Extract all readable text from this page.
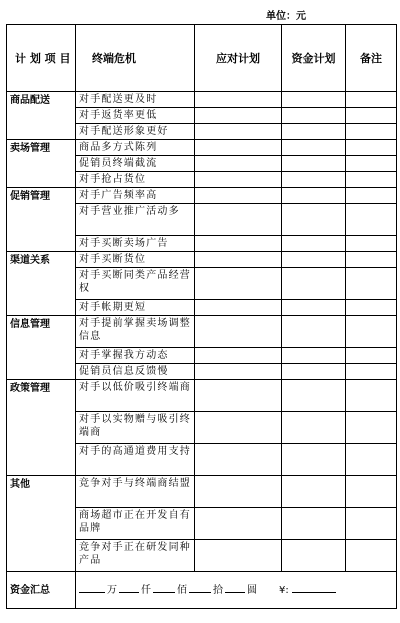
单位：元
计 划 项 目	终端危机	应对计划	资金计划	备注
商品配送	对手配送更及时			
	对手返货率更低			
	对手配送形象更好			
卖场管理	商品多方式陈列			
	促销员终端截流			
	对手抢占货位			
促销管理	对手广告频率高			
	对手营业推广活动多			
	对手买断卖场广告			
渠道关系	对手买断货位			
	对手买断同类产品经营权			
	对手帐期更短			
信息管理	对手提前掌握卖场调整信息			
	对手掌握我方动态			
	促销员信息反馈慢			
政策管理	对手以低价吸引终端商			
	对手以实物赠与吸引终端商			
	对手的高通道费用支持			
其他	竞争对手与终端商结盟			
	商场超市正在开发自有品牌			
	竞争对手正在研发同种产品			
资金汇总	万 仟 佰 拾 圆 ¥:			
